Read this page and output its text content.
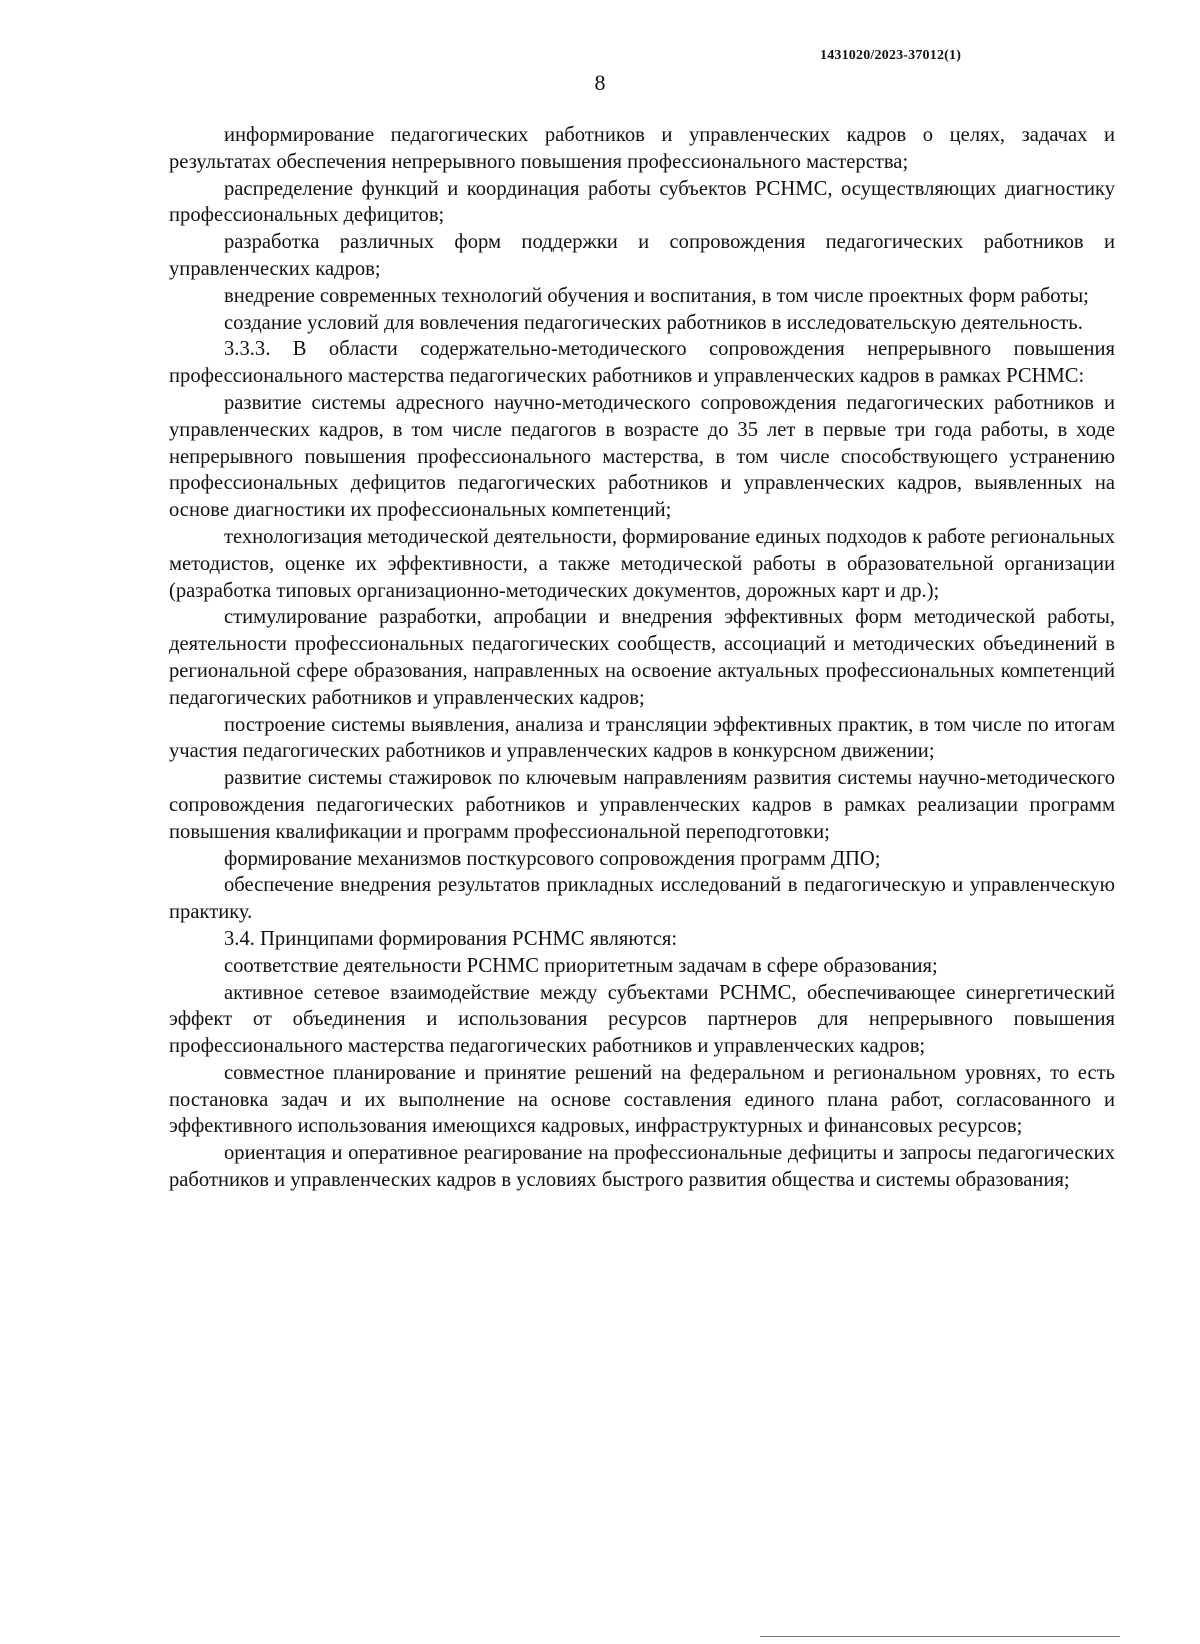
1431020/2023-37012(1)
8

информирование педагогических работников и управленческих кадров о целях, задачах и результатах обеспечения непрерывного повышения профессионального мастерства;

распределение функций и координация работы субъектов РСНМС, осуществляющих диагностику профессиональных дефицитов;

разработка различных форм поддержки и сопровождения педагогических работников и управленческих кадров;

внедрение современных технологий обучения и воспитания, в том числе проектных форм работы;

создание условий для вовлечения педагогических работников в исследовательскую деятельность.

3.3.3. В области содержательно-методического сопровождения непрерывного повышения профессионального мастерства педагогических работников и управленческих кадров в рамках РСНМС:

развитие системы адресного научно-методического сопровождения педагогических работников и управленческих кадров, в том числе педагогов в возрасте до 35 лет в первые три года работы, в ходе непрерывного повышения профессионального мастерства, в том числе способствующего устранению профессиональных дефицитов педагогических работников и управленческих кадров, выявленных на основе диагностики их профессиональных компетенций;

технологизация методической деятельности, формирование единых подходов к работе региональных методистов, оценке их эффективности, а также методической работы в образовательной организации (разработка типовых организационно-методических документов, дорожных карт и др.);

стимулирование разработки, апробации и внедрения эффективных форм методической работы, деятельности профессиональных педагогических сообществ, ассоциаций и методических объединений в региональной сфере образования, направленных на освоение актуальных профессиональных компетенций педагогических работников и управленческих кадров;

построение системы выявления, анализа и трансляции эффективных практик, в том числе по итогам участия педагогических работников и управленческих кадров в конкурсном движении;

развитие системы стажировок по ключевым направлениям развития системы научно-методического сопровождения педагогических работников и управленческих кадров в рамках реализации программ повышения квалификации и программ профессиональной переподготовки;

формирование механизмов посткурсового сопровождения программ ДПО;

обеспечение внедрения результатов прикладных исследований в педагогическую и управленческую практику.

3.4. Принципами формирования РСНМС являются:

соответствие деятельности РСНМС приоритетным задачам в сфере образования;

активное сетевое взаимодействие между субъектами РСНМС, обеспечивающее синергетический эффект от объединения и использования ресурсов партнеров для непрерывного повышения профессионального мастерства педагогических работников и управленческих кадров;

совместное планирование и принятие решений на федеральном и региональном уровнях, то есть постановка задач и их выполнение на основе составления единого плана работ, согласованного и эффективного использования имеющихся кадровых, инфраструктурных и финансовых ресурсов;

ориентация и оперативное реагирование на профессиональные дефициты и запросы педагогических работников и управленческих кадров в условиях быстрого развития общества и системы образования;
